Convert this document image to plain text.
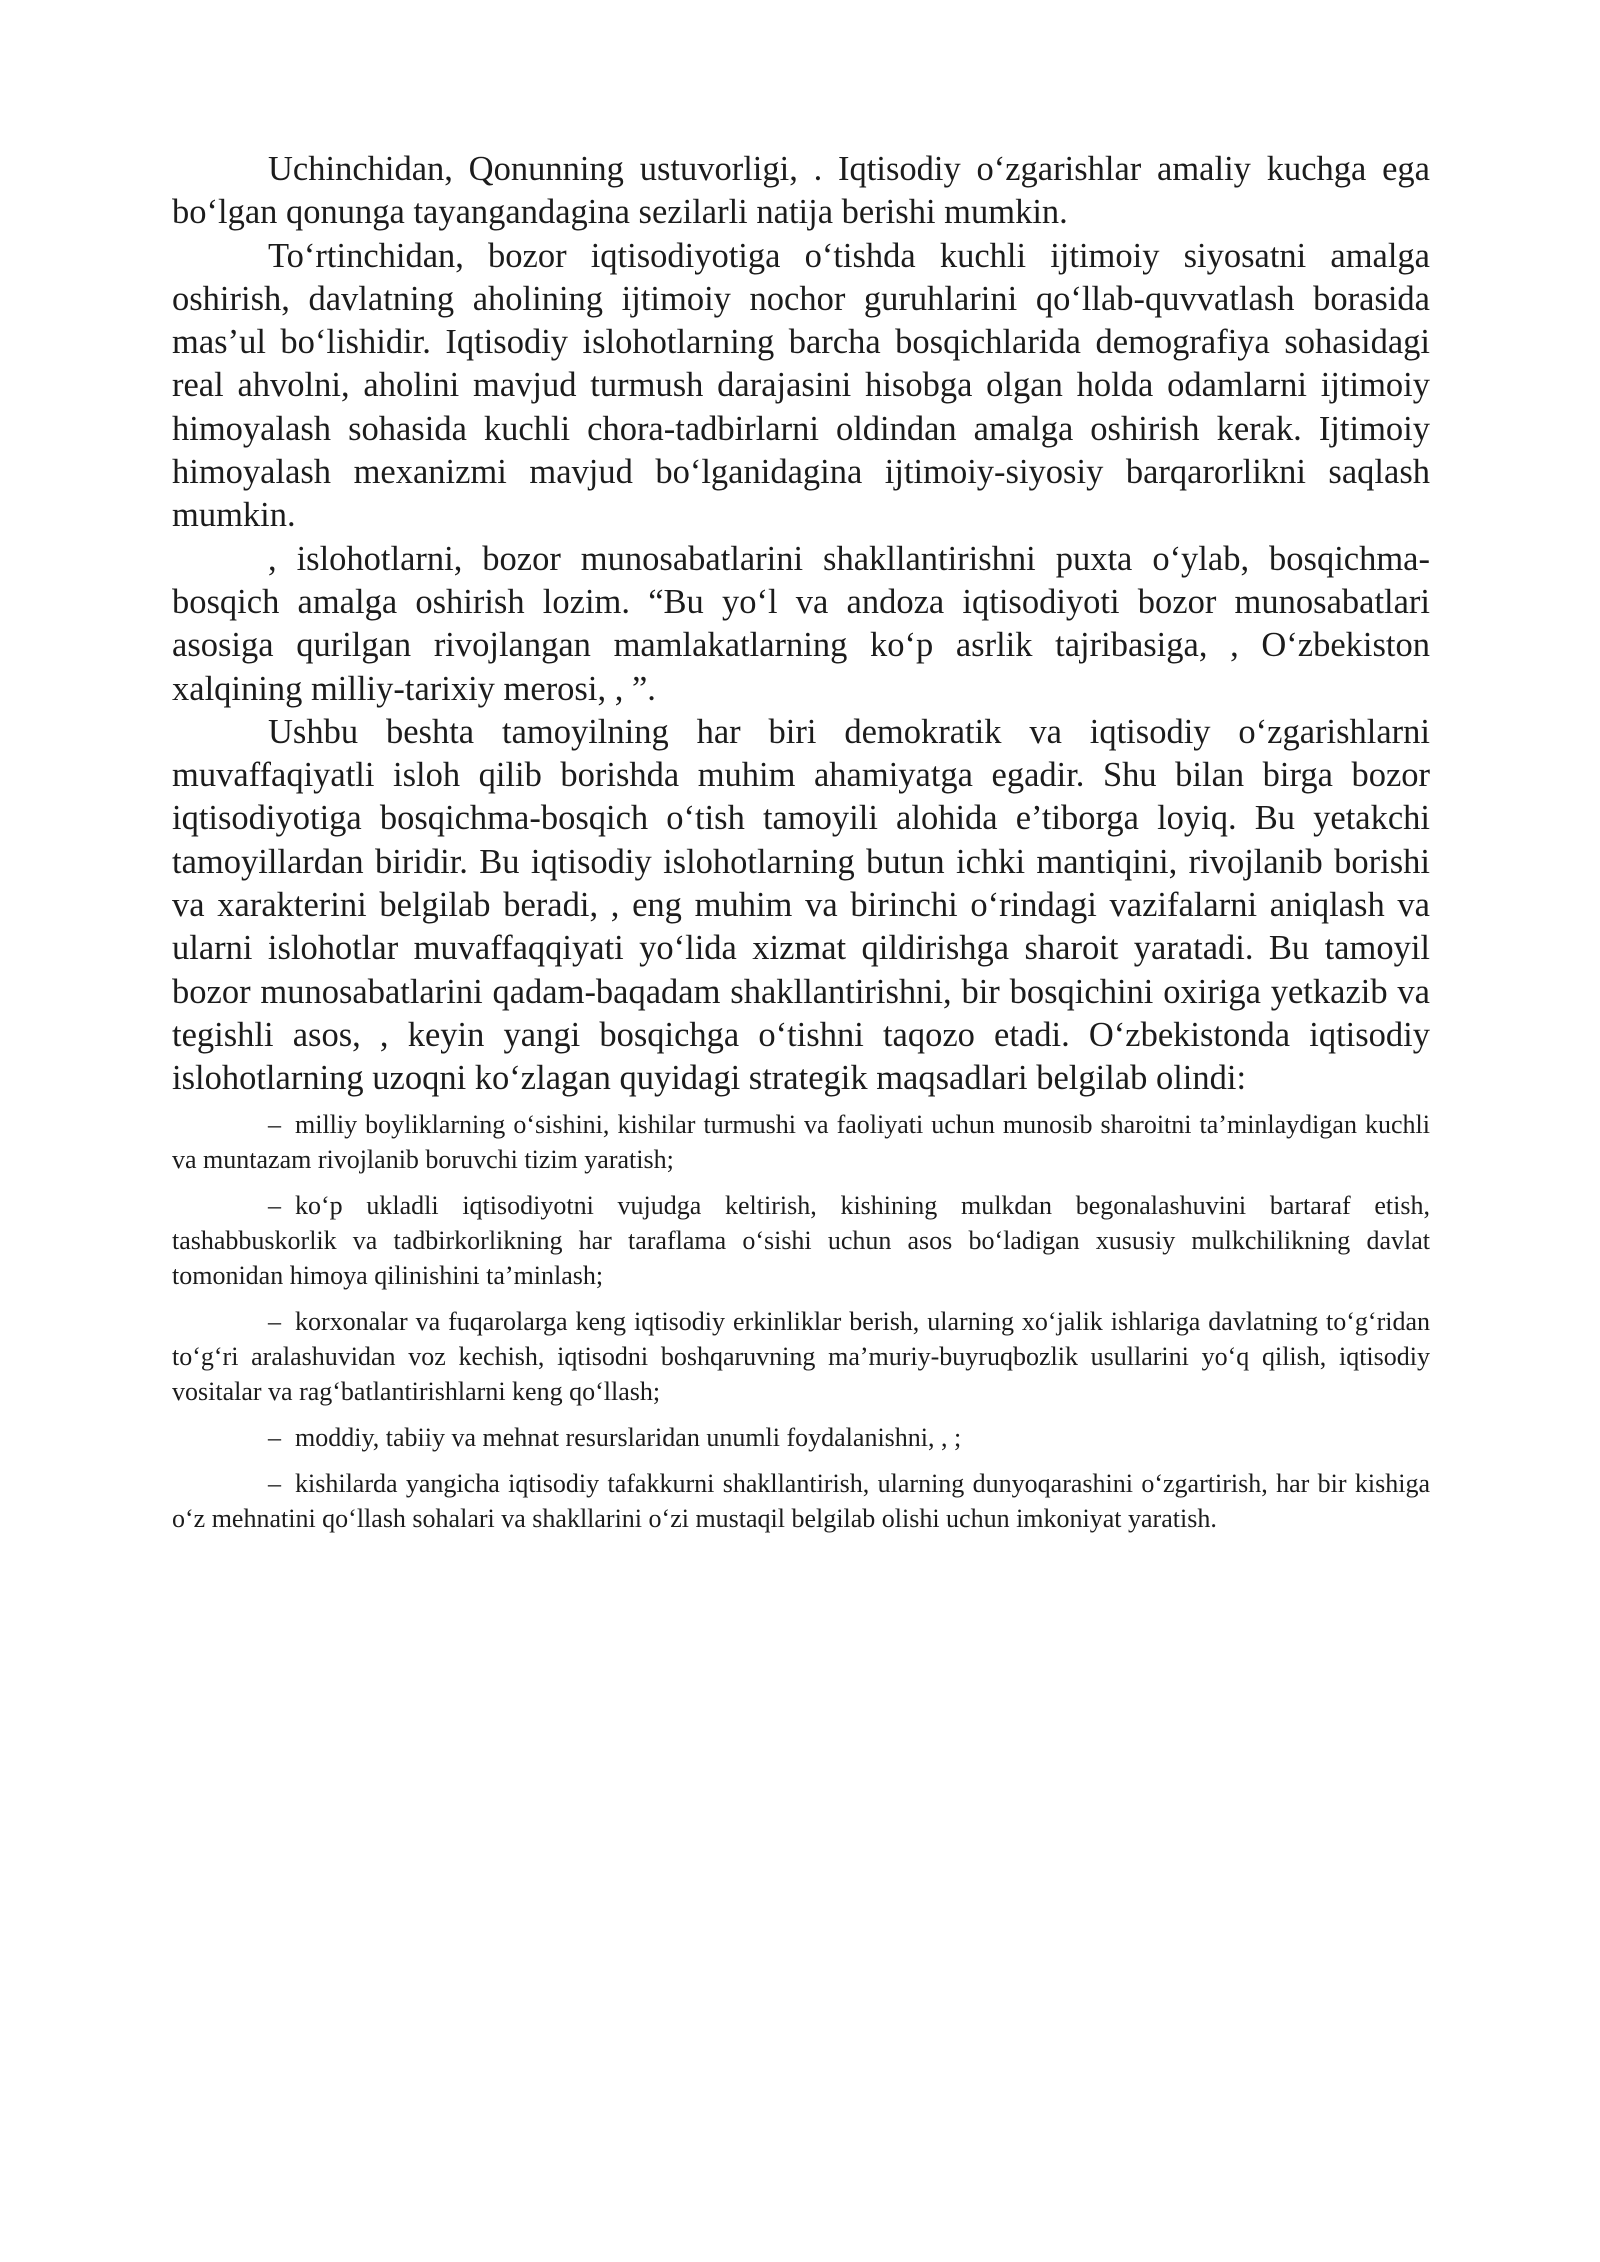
Uchinchidan, Qonunning ustuvorligi, . Iqtisodiy o‘zgarishlar amaliy kuchga ega bo‘lgan qonunga tayangandagina sezilarli natija berishi mumkin.

To‘rtinchidan, bozor iqtisodiyotiga o‘tishda kuchli ijtimoiy siyosatni amalga oshirish, davlatning aholining ijtimoiy nochor guruhlarini qo‘llab-quvvatlash borasida mas’ul bo‘lishidir. Iqtisodiy islohotlarning barcha bosqichlarida demografiya sohasidagi real ahvolni, aholini mavjud turmush darajasini hisobga olgan holda odamlarni ijtimoiy himoyalash sohasida kuchli chora-tadbirlarni oldindan amalga oshirish kerak. Ijtimoiy himoyalash mexanizmi mavjud bo‘lganidagina ijtimoiy-siyosiy barqarorlikni saqlash mumkin.

, islohotlarni, bozor munosabatlarini shakllantirishni puxta o‘ylab, bosqichma-bosqich amalga oshirish lozim. “Bu yo‘l va andoza iqtisodiyoti bozor munosabatlari asosiga qurilgan rivojlangan mamlakatlarning ko‘p asrlik tajribasiga, , O‘zbekiston xalqining milliy-tarixiy merosi, , ”.

Ushbu beshta tamoyilning har biri demokratik va iqtisodiy o‘zgarishlarni muvaffaqiyatli isloh qilib borishda muhim ahamiyatga egadir. Shu bilan birga bozor iqtisodiyotiga bosqichma-bosqich o‘tish tamoyili alohida e’tiborga loyiq. Bu yetakchi tamoyillardan biridir. Bu iqtisodiy islohotlarning butun ichki mantiqini, rivojlanib borishi va xarakterini belgilab beradi, , eng muhim va birinchi o‘rindagi vazifalarni aniqlash va ularni islohotlar muvaffaqqiyati yo‘lida xizmat qildirishga sharoit yaratadi. Bu tamoyil bozor munosabatlarini qadam-baqadam shakllantirishni, bir bosqichini oxiriga yetkazib va tegishli asos, , keyin yangi bosqichga o‘tishni taqozo etadi. O‘zbekistonda iqtisodiy islohotlarning uzoqni ko‘zlagan quyidagi strategik maqsadlari belgilab olindi:

– milliy boyliklarning o‘sishini, kishilar turmushi va faoliyati uchun munosib sharoitni ta’minlaydigan kuchli va muntazam rivojlanib boruvchi tizim yaratish;

– ko‘p ukladli iqtisodiyotni vujudga keltirish, kishining mulkdan begonalashuvini bartaraf etish, tashabbuskorlik va tadbirkorlikning har taraflama o‘sishi uchun asos bo‘ladigan xususiy mulkchilikning davlat tomonidan himoya qilinishini ta’minlash;

– korxonalar va fuqarolarga keng iqtisodiy erkinliklar berish, ularning xo‘jalik ishlariga davlatning to‘g‘ridan to‘g‘ri aralashuvidan voz kechish, iqtisodni boshqaruvning ma’muriy-buyruqbozlik usullarini yo‘q qilish, iqtisodiy vositalar va rag‘batlantirishlarni keng qo‘llash;

– moddiy, tabiiy va mehnat resurslaridan unumli foydalanishni, , ;

– kishilarda yangicha iqtisodiy tafakkurni shakllantirish, ularning dunyoqarashini o‘zgartirish, har bir kishiga o‘z mehnatini qo‘llash sohalari va shakllarini o‘zi mustaqil belgilab olishi uchun imkoniyat yaratish.
